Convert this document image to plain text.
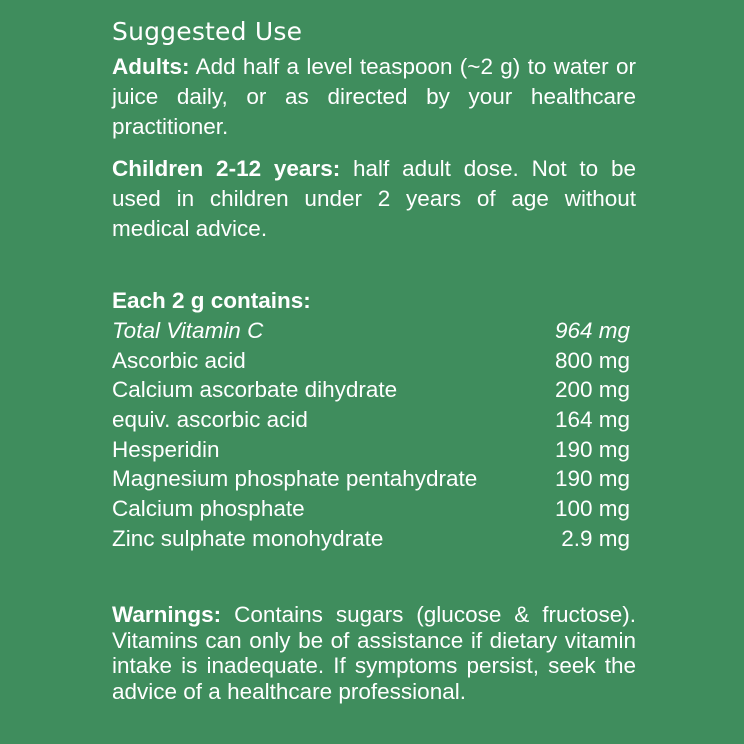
Suggested Use

Adults: Add half a level teaspoon (~2 g) to water or juice daily, or as directed by your healthcare practitioner.

Children 2-12 years: half adult dose. Not to be used in children under 2 years of age without medical advice.

Each 2 g contains:
Total Vitamin C	964 mg
Ascorbic acid	800 mg
Calcium ascorbate dihydrate	200 mg
equiv. ascorbic acid	164 mg
Hesperidin	190 mg
Magnesium phosphate pentahydrate	190 mg
Calcium phosphate	100 mg
Zinc sulphate monohydrate	2.9 mg

Warnings: Contains sugars (glucose & fructose). Vitamins can only be of assistance if dietary vitamin intake is inadequate. If symptoms persist, seek the advice of a healthcare professional.
